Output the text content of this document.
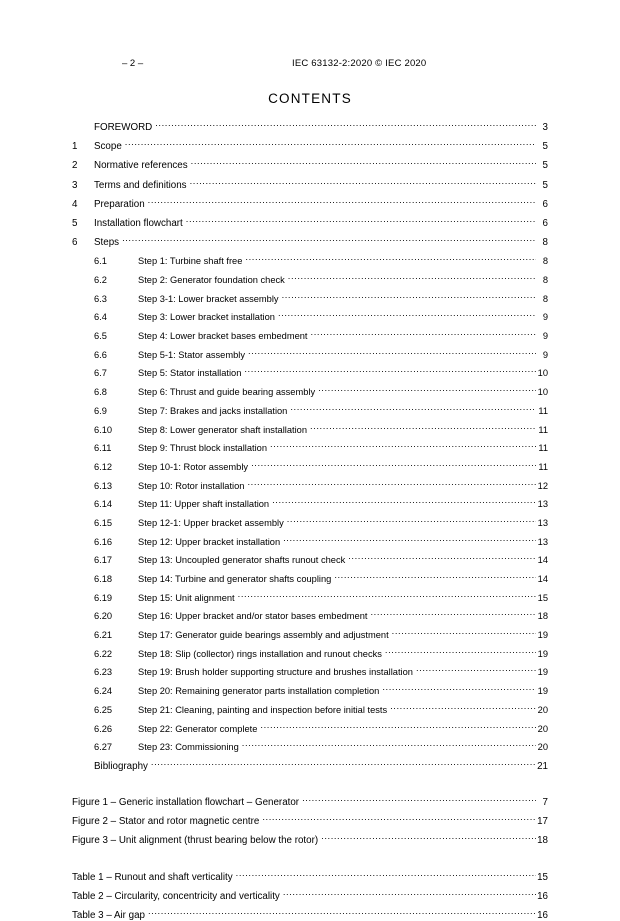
– 2 –	IEC 63132-2:2020 © IEC 2020
CONTENTS
FOREWORD .....	3
1	Scope .....	5
2	Normative references .....	5
3	Terms and definitions .....	5
4	Preparation .....	6
5	Installation flowchart .....	6
6	Steps .....	8
6.1	Step 1: Turbine shaft free .....	8
6.2	Step 2: Generator foundation check .....	8
6.3	Step 3-1: Lower bracket assembly .....	8
6.4	Step 3: Lower bracket installation .....	9
6.5	Step 4: Lower bracket bases embedment .....	9
6.6	Step 5-1: Stator assembly .....	9
6.7	Step 5: Stator installation .....	10
6.8	Step 6: Thrust and guide bearing assembly .....	10
6.9	Step 7: Brakes and jacks installation .....	11
6.10	Step 8: Lower generator shaft installation .....	11
6.11	Step 9: Thrust block installation .....	11
6.12	Step 10-1: Rotor assembly .....	11
6.13	Step 10: Rotor installation .....	12
6.14	Step 11: Upper shaft installation .....	13
6.15	Step 12-1: Upper bracket assembly .....	13
6.16	Step 12: Upper bracket installation .....	13
6.17	Step 13: Uncoupled generator shafts runout check .....	14
6.18	Step 14: Turbine and generator shafts coupling .....	14
6.19	Step 15: Unit alignment .....	15
6.20	Step 16: Upper bracket and/or stator bases embedment .....	18
6.21	Step 17: Generator guide bearings assembly and adjustment .....	19
6.22	Step 18: Slip (collector) rings installation and runout checks .....	19
6.23	Step 19: Brush holder supporting structure and brushes installation .....	19
6.24	Step 20: Remaining generator parts installation completion .....	19
6.25	Step 21: Cleaning, painting and inspection before initial tests .....	20
6.26	Step 22: Generator complete .....	20
6.27	Step 23: Commissioning .....	20
Bibliography .....	21
Figure 1 – Generic installation flowchart – Generator .....	7
Figure 2 – Stator and rotor magnetic centre .....	17
Figure 3 – Unit alignment (thrust bearing below the rotor) .....	18
Table 1 – Runout and shaft verticality .....	15
Table 2 – Circularity, concentricity and verticality .....	16
Table 3 – Air gap .....	16
